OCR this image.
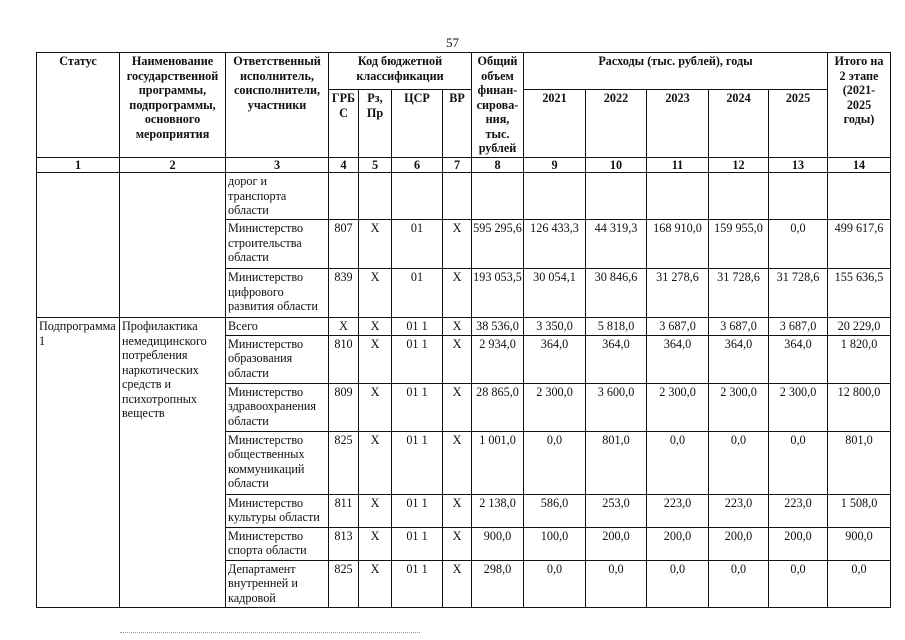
57
Статус	Наименование государственной программы, подпрограммы, основного мероприятия	Ответственный исполнитель, соисполнители, участники	Код бюджетной классификации				Общий объем финан- сирова- ния, тыс. рублей	Расходы (тыс. рублей), годы					Итого на 2 этапе (2021- 2025 годы)
			ГРБ С	Рз, Пр	ЦСР	ВР		2021	2022	2023	2024	2025	
1	2	3	4	5	6	7	8	9	10	11	12	13	14
		дорог и транспорта области											
		Министерство строительства области	807	Х	01	Х	595 295,6	126 433,3	44 319,3	168 910,0	159 955,0	0,0	499 617,6
		Министерство цифрового развития области	839	Х	01	Х	193 053,5	30 054,1	30 846,6	31 278,6	31 728,6	31 728,6	155 636,5
Подпрограмма 1	Профилактика немедицинского потребления наркотических средств и психотропных веществ	Всего	Х	Х	01 1	Х	38 536,0	3 350,0	5 818,0	3 687,0	3 687,0	3 687,0	20 229,0
		Министерство образования области	810	Х	01 1	Х	2 934,0	364,0	364,0	364,0	364,0	364,0	1 820,0
		Министерство здравоохранения области	809	Х	01 1	Х	28 865,0	2 300,0	3 600,0	2 300,0	2 300,0	2 300,0	12 800,0
		Министерство общественных коммуникаций области	825	Х	01 1	Х	1 001,0	0,0	801,0	0,0	0,0	0,0	801,0
		Министерство культуры области	811	Х	01 1	Х	2 138,0	586,0	253,0	223,0	223,0	223,0	1 508,0
		Министерство спорта области	813	Х	01 1	Х	900,0	100,0	200,0	200,0	200,0	200,0	900,0
		Департамент внутренней и кадровой	825	Х	01 1	Х	298,0	0,0	0,0	0,0	0,0	0,0	0,0
